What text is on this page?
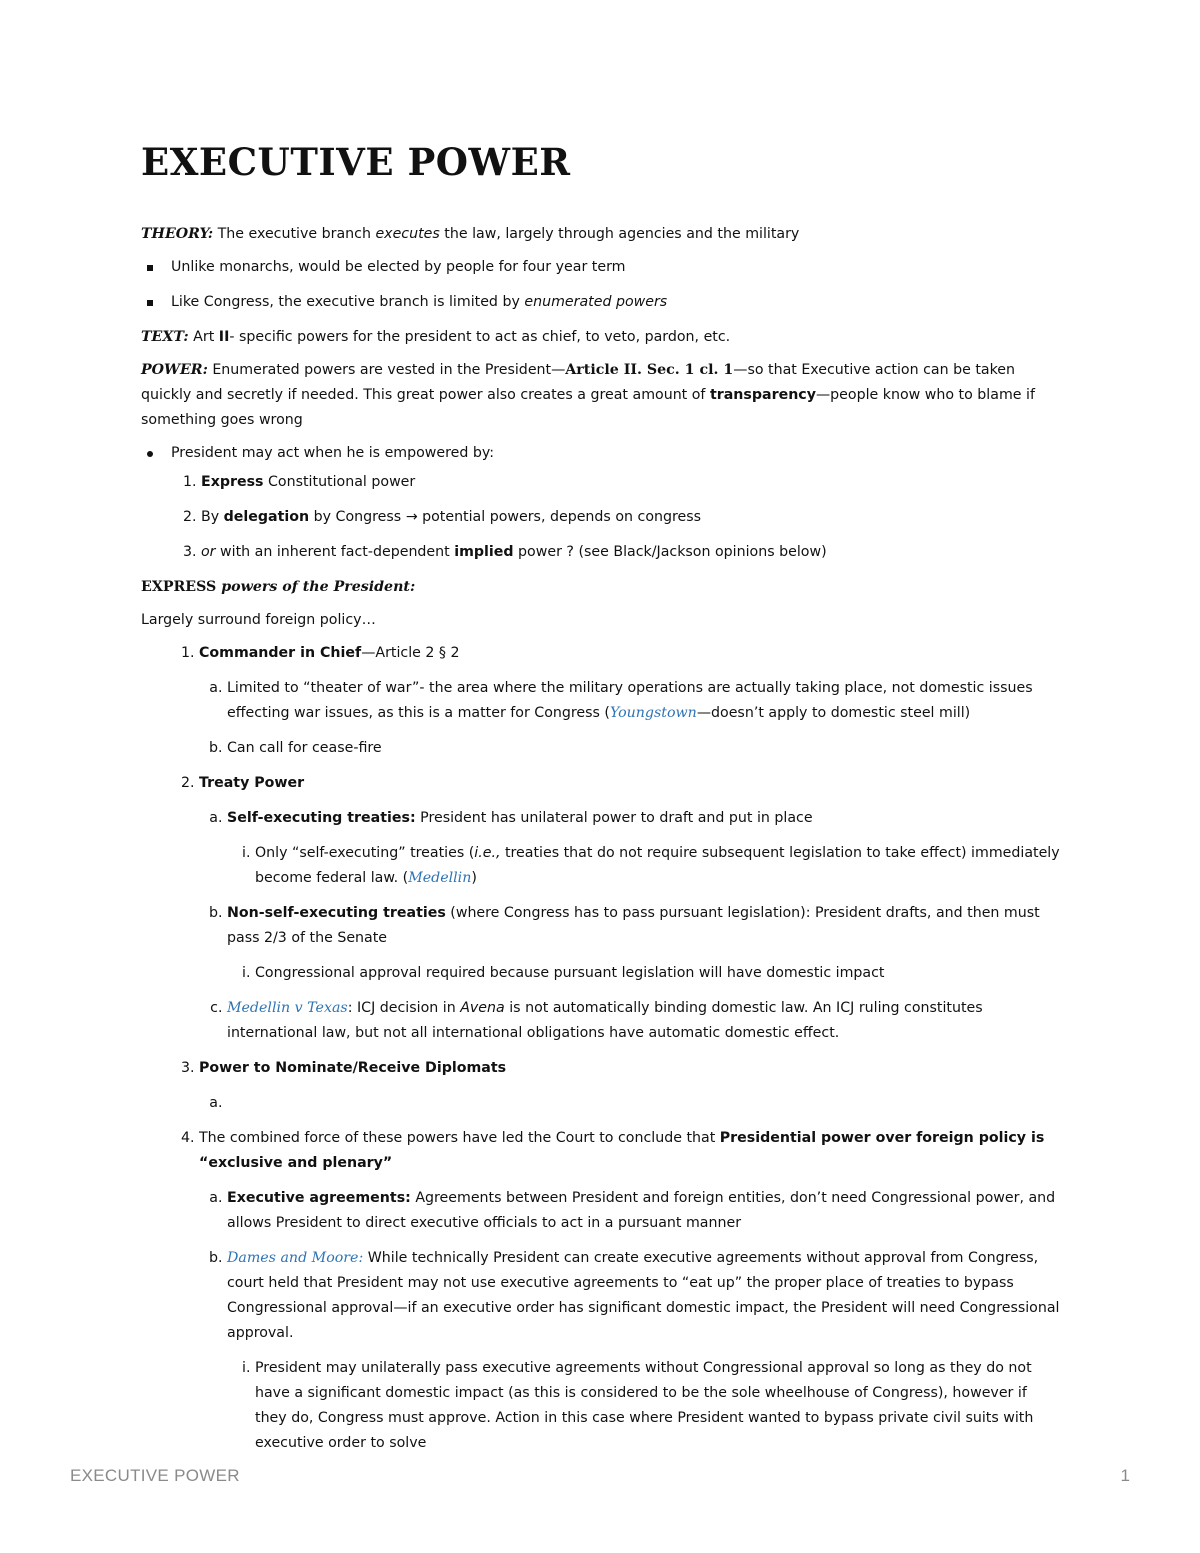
EXECUTIVE POWER

THEORY: The executive branch executes the law, largely through agencies and the military

Unlike monarchs, would be elected by people for four year term
Like Congress, the executive branch is limited by enumerated powers

TEXT: Art II- specific powers for the president to act as chief, to veto, pardon, etc.

POWER: Enumerated powers are vested in the President—Article II. Sec. 1 cl. 1—so that Executive action can be taken quickly and secretly if needed. This great power also creates a great amount of transparency—people know who to blame if something goes wrong

President may act when he is empowered by:
1. Express Constitutional power
2. By delegation by Congress → potential powers, depends on congress
3. or with an inherent fact-dependent implied power ? (see Black/Jackson opinions below)

EXPRESS powers of the President:

Largely surround foreign policy…

1. Commander in Chief—Article 2 § 2
a. Limited to “theater of war”- the area where the military operations are actually taking place, not domestic issues effecting war issues, as this is a matter for Congress (Youngstown—doesn’t apply to domestic steel mill)
b. Can call for cease-fire
2. Treaty Power
a. Self-executing treaties: President has unilateral power to draft and put in place
i. Only “self-executing” treaties (i.e., treaties that do not require subsequent legislation to take effect) immediately become federal law. (Medellin)
b. Non-self-executing treaties (where Congress has to pass pursuant legislation): President drafts, and then must pass 2/3 of the Senate
i. Congressional approval required because pursuant legislation will have domestic impact
c. Medellin v Texas: ICJ decision in Avena is not automatically binding domestic law. An ICJ ruling constitutes international law, but not all international obligations have automatic domestic effect.
3. Power to Nominate/Receive Diplomats
a.
4. The combined force of these powers have led the Court to conclude that Presidential power over foreign policy is “exclusive and plenary”
a. Executive agreements: Agreements between President and foreign entities, don’t need Congressional power, and allows President to direct executive officials to act in a pursuant manner
b. Dames and Moore: While technically President can create executive agreements without approval from Congress, court held that President may not use executive agreements to “eat up” the proper place of treaties to bypass Congressional approval—if an executive order has significant domestic impact, the President will need Congressional approval.
i. President may unilaterally pass executive agreements without Congressional approval so long as they do not have a significant domestic impact (as this is considered to be the sole wheelhouse of Congress), however if they do, Congress must approve. Action in this case where President wanted to bypass private civil suits with executive order to solve
EXECUTIVE POWER	1
